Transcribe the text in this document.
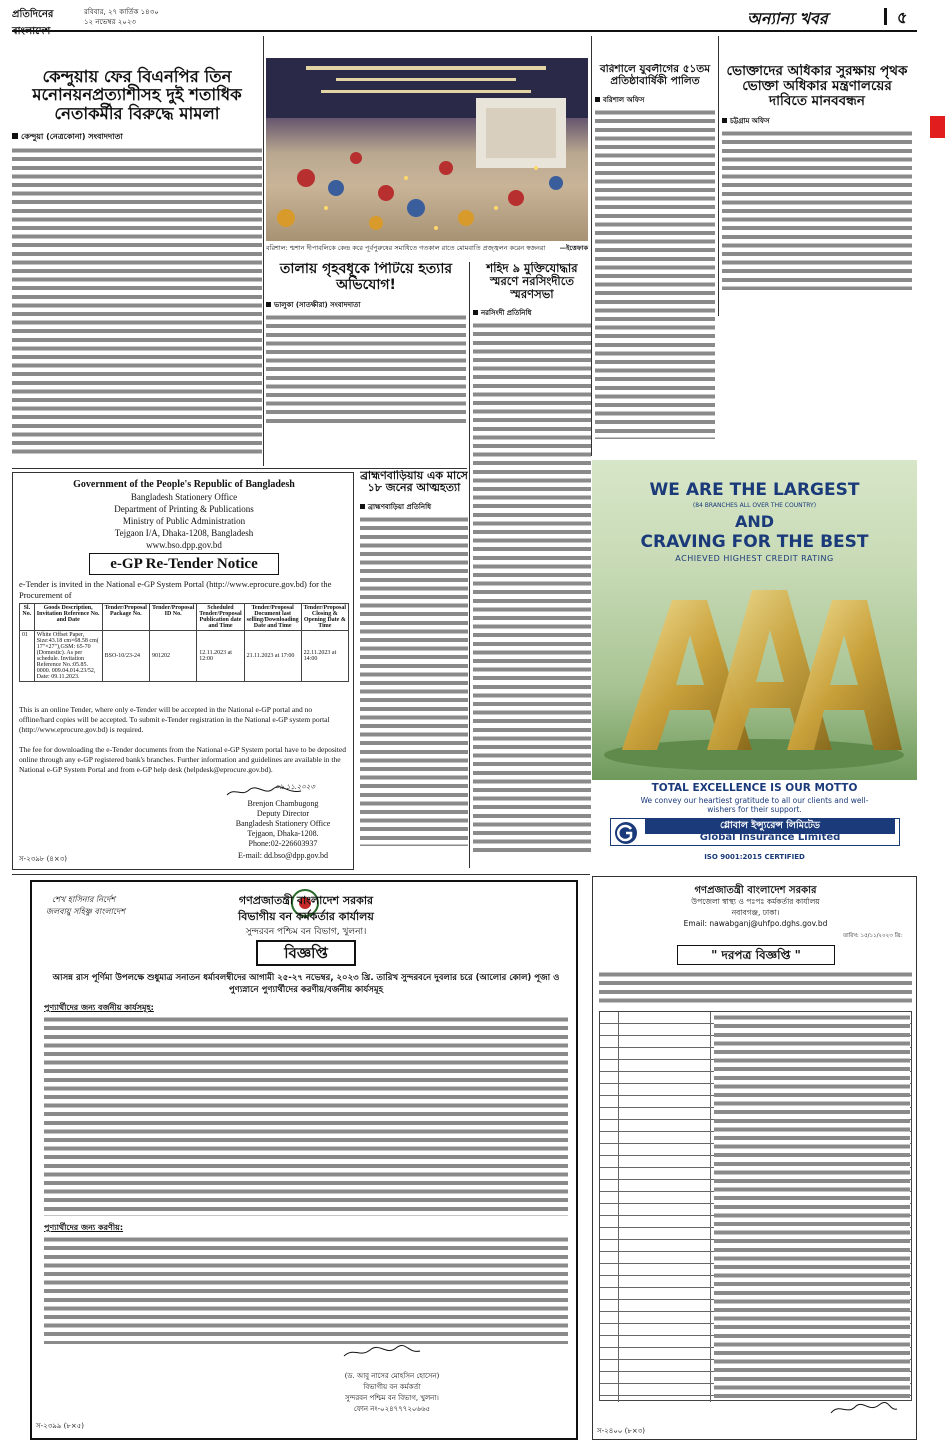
প্রতিদিনের	রবিবার, ২৭ কার্তিক ১৪৩০
১২ নভেম্বর ২০২৩	অন্যান্য খবর	৫
কেন্দুয়ায় ফের বিএনপির তিন মনোনয়নপ্রত্যাশীসহ দুই শতাধিক নেতাকর্মীর বিরুদ্ধে মামলা
কেন্দুয়া (নেত্রকোনা) সংবাদদাতা
বরিশাল: শ্মশান দীপাবলিকে কেন্দ্র করে পূর্বপুরুষের সমাধিতে গতকাল রাতে মোমবাতি প্রজ্জ্বলন করেন স্বজনরা —ইত্তেফাক
বরিশালে যুবলীগের ৫১তম প্রতিষ্ঠাবার্ষিকী পালিত
বরিশাল অফিস
ভোক্তাদের অধিকার সুরক্ষায় পৃথক ভোক্তা অধিকার মন্ত্রণালয়ের দাবিতে মানববন্ধন
চট্টগ্রাম অফিস
তালায় গৃহবধূকে পিটিয়ে হত্যার অভিযোগ!
ভালুকা (সাতক্ষীরা) সংবাদদাতা
শহিদ ৯ মুক্তিযোদ্ধার স্মরণে নরসিংদীতে স্মরণসভা
নরসিংদী প্রতিনিধি
ব্রাহ্মণবাড়িয়ায় এক মাসে ১৮ জনের আত্মহত্যা
ব্রাহ্মণবাড়িয়া প্রতিনিধি
Government of the People's Republic of Bangladesh
Bangladesh Stationery Office
Department of Printing & Publications
Ministry of Public Administration
Tejgaon I/A, Dhaka-1208, Bangladesh
www.bso.dpp.gov.bd
e-GP Re-Tender Notice
e-Tender is invited in the National e-GP System Portal (http://www.eprocure.gov.bd) for the Procurement of
Sl. No.	Goods Description, Invitation Reference No. and Date	Tender/Proposal Package No.	Tender/Proposal ID No.	Scheduled Tender/Proposal Publication date and Time	Tender/Proposal Document last selling/Downloading Date and Time	Tender/Proposal Closing & Opening Date & Time
01	White Offset Paper, Size:43.18 cm×68.58 cm( 17"×27"),GSM: 65-70 (Domestic). As per schedule. Invitation Reference No.:05.85. 0000. 009.04.014.23/52, Date: 09.11.2023.	BSO-10/23-24	901202	12.11.2023 at 12:00	21.11.2023 at 17:00	22.11.2023 at 14:00
This is an online Tender, where only e-Tender will be accepted in the National e-GP portal and no offline/hard copies will be accepted. To submit e-Tender registration in the National e-GP system portal (http://www.eprocure.gov.bd) is required.
The fee for downloading the e-Tender documents from the National e-GP System portal have to be deposited online through any e-GP registered bank's branches. Further information and guidelines are available in the National e-GP System Portal and from e-GP help desk (helpdesk@eprocure.gov.bd).
০৯.১১.২০২৩
Brenjon Chambugong
Deputy Director
Bangladesh Stationery Office
Tejgaon, Dhaka-1208.
Phone:02-226603937
E-mail: dd.bso@dpp.gov.bd
স-২৩৯৮ (৪×৩)
WE ARE THE LARGEST
(84 BRANCHES ALL OVER THE COUNTRY)
AND
CRAVING FOR THE BEST
ACHIEVED HIGHEST CREDIT RATING
TOTAL EXCELLENCE IS OUR MOTTO
We convey our heartiest gratitude to all our clients and well-wishers for their support.
গ্লোবাল ইন্স্যুরেন্স লিমিটেড
Global Insurance Limited
ISO 9001:2015 CERTIFIED
শেখ হাসিনার নির্দেশ
জলবায়ু সহিষ্ণু বাংলাদেশ
গণপ্রজাতন্ত্রী বাংলাদেশ সরকার
বিভাগীয় বন কর্মকর্তার কার্যালয়
সুন্দরবন পশ্চিম বন বিভাগ, খুলনা।
বিজ্ঞপ্তি
আসন্ন রাস পূর্ণিমা উপলক্ষে শুধুমাত্র সনাতন ধর্মাবলম্বীদের আগামী ২৫-২৭ নভেম্বর, ২০২৩ খ্রি. তারিখ সুন্দরবনে দুবলার চরে (আলোর কোল) পূজা ও পুণ্যস্নানে পুণ্যার্থীদের করণীয়/বর্জনীয় কার্যসমূহ
পুণ্যার্থীদের জন্য বর্জনীয় কার্যসমূহ:
পুণ্যার্থীদের জন্য করণীয়:
(ড. আবু নাসের মোহসিন হোসেন)
বিভাগীয় বন কর্মকর্তা
সুন্দরবন পশ্চিম বন বিভাগ, খুলনা।
ফোন নং-০২৪৭৭৭২০৬৬৫
স-২৩৯৯ (৮×৫)
গণপ্রজাতন্ত্রী বাংলাদেশ সরকার
উপজেলা স্বাস্থ্য ও পঃপঃ কর্মকর্তার কার্যালয়
নবাবগঞ্জ, ঢাকা।
Email: nawabganj@uhfpo.dghs.gov.bd
তারিখ: ১৫/১১/২০২৩ খ্রি:
" দরপত্র বিজ্ঞপ্তি "
স-২৪০০ (৮×৩)
